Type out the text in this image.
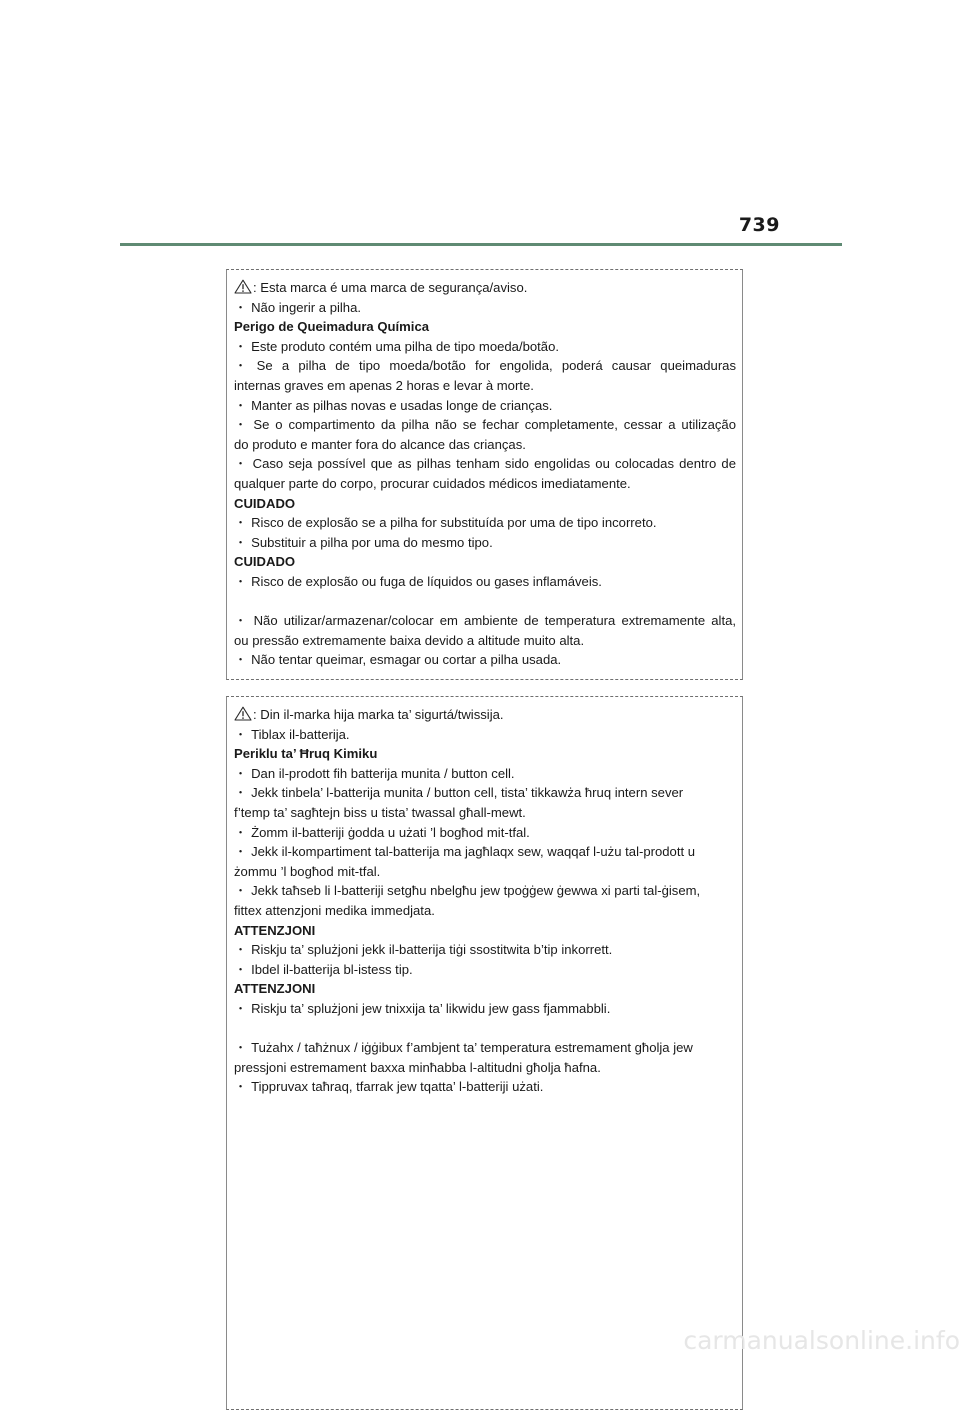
739
: Esta marca é uma marca de segurança/aviso.
・ Não ingerir a pilha.
Perigo de Queimadura Química
・ Este produto contém uma pilha de tipo moeda/botão.
・ Se a pilha de tipo moeda/botão for engolida, poderá causar queimaduras
internas graves em apenas 2 horas e levar à morte.
・ Manter as pilhas novas e usadas longe de crianças.
・ Se o compartimento da pilha não se fechar completamente, cessar a utilização
do produto e manter fora do alcance das crianças.
・ Caso seja possível que as pilhas tenham sido engolidas ou colocadas dentro de
qualquer parte do corpo, procurar cuidados médicos imediatamente.
CUIDADO
・ Risco de explosão se a pilha for substituída por uma de tipo incorreto.
・ Substituir a pilha por uma do mesmo tipo.
CUIDADO
・ Risco de explosão ou fuga de líquidos ou gases inflamáveis.
・ Não utilizar/armazenar/colocar em ambiente de temperatura extremamente alta,
ou pressão extremamente baixa devido a altitude muito alta.
・ Não tentar queimar, esmagar ou cortar a pilha usada.
: Din il-marka hija marka ta’ sigurtá/twissija.
・ Tiblax il-batterija.
Periklu ta’ Ħruq Kimiku
・ Dan il-prodott fih batterija munita / button cell.
・ Jekk tinbela’ l-batterija munita / button cell, tista’ tikkawża ħruq intern sever
f’temp ta’ sagħtejn biss u tista’ twassal għall-mewt.
・ Żomm il-batteriji ġodda u użati ’l bogħod mit-tfal.
・ Jekk il-kompartiment tal-batterija ma jagħlaqx sew, waqqaf l-użu tal-prodott u
żommu ’l bogħod mit-tfal.
・ Jekk taħseb li l-batteriji setgħu nbelgħu jew tpoġġew ġewwa xi parti tal-ġisem,
fittex attenzjoni medika immedjata.
ATTENZJONI
・ Riskju ta’ splużjoni jekk il-batterija tiġi ssostitwita b’tip inkorrett.
・ Ibdel il-batterija bl-istess tip.
ATTENZJONI
・ Riskju ta’ splużjoni jew tnixxija ta’ likwidu jew gass fjammabbli.
・ Tużahx / taħżnux / iġġibux f’ambjent ta’ temperatura estremament għolja jew
pressjoni estremament baxxa minħabba l-altitudni għolja ħafna.
・ Tippruvax taħraq, tfarrak jew tqatta’ l-batteriji użati.
carmanualsonline.info
